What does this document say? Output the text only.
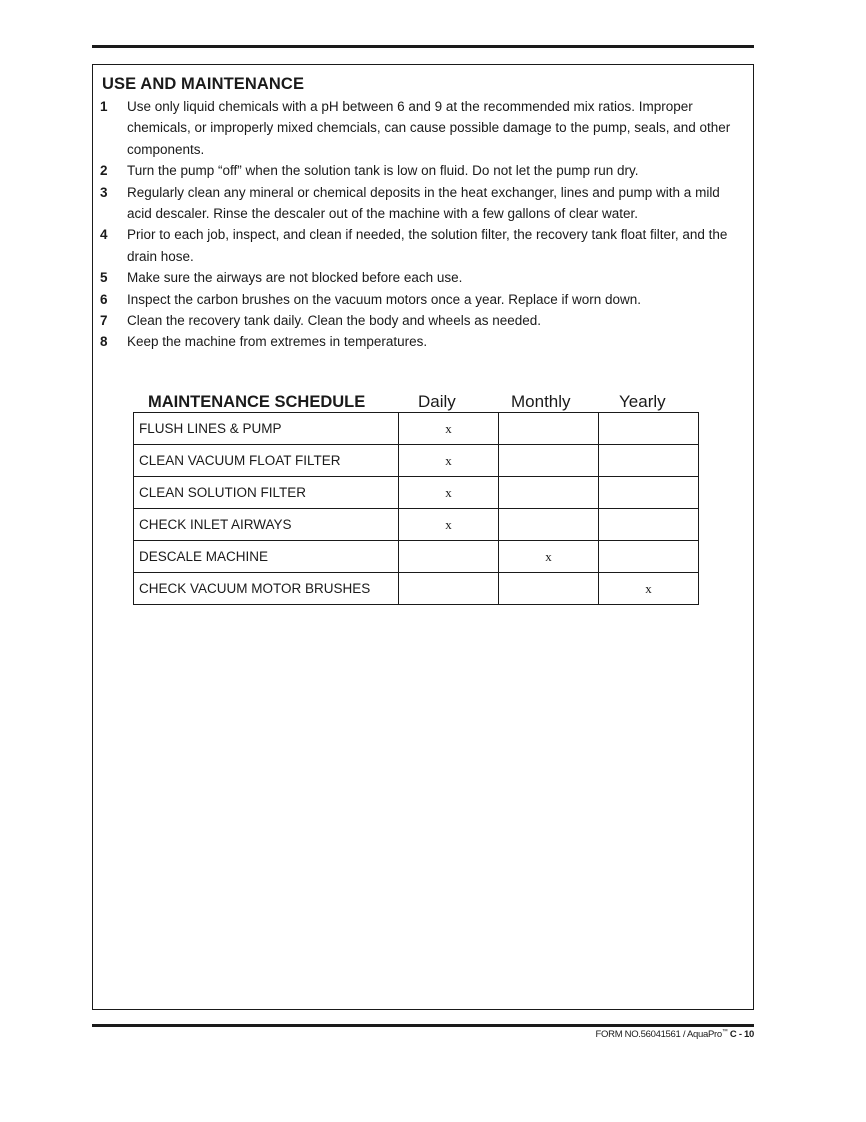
USE AND MAINTENANCE
1 Use only liquid chemicals with a pH between 6 and 9 at the recommended mix ratios. Improper chemicals, or improperly mixed chemcials, can cause possible damage to the pump, seals, and other components.
2 Turn the pump “off” when the solution tank is low on fluid. Do not let the pump run dry.
3 Regularly clean any mineral or chemical deposits in the heat exchanger, lines and pump with a mild acid descaler. Rinse the descaler out of the machine with a few gallons of clear water.
4 Prior to each job, inspect, and clean if needed, the solution filter, the recovery tank float filter, and the drain hose.
5 Make sure the airways are not blocked before each use.
6 Inspect the carbon brushes on the vacuum motors once a year. Replace if worn down.
7 Clean the recovery tank daily. Clean the body and wheels as needed.
8 Keep the machine from extremes in temperatures.
MAINTENANCE SCHEDULE	Daily	Monthly	Yearly
FLUSH LINES & PUMP	x		
CLEAN VACUUM FLOAT FILTER	x		
CLEAN SOLUTION FILTER	x		
CHECK INLET AIRWAYS	x		
DESCALE MACHINE		x	
CHECK VACUUM MOTOR BRUSHES			x
FORM NO.56041561 / AquaPro™ C - 10
